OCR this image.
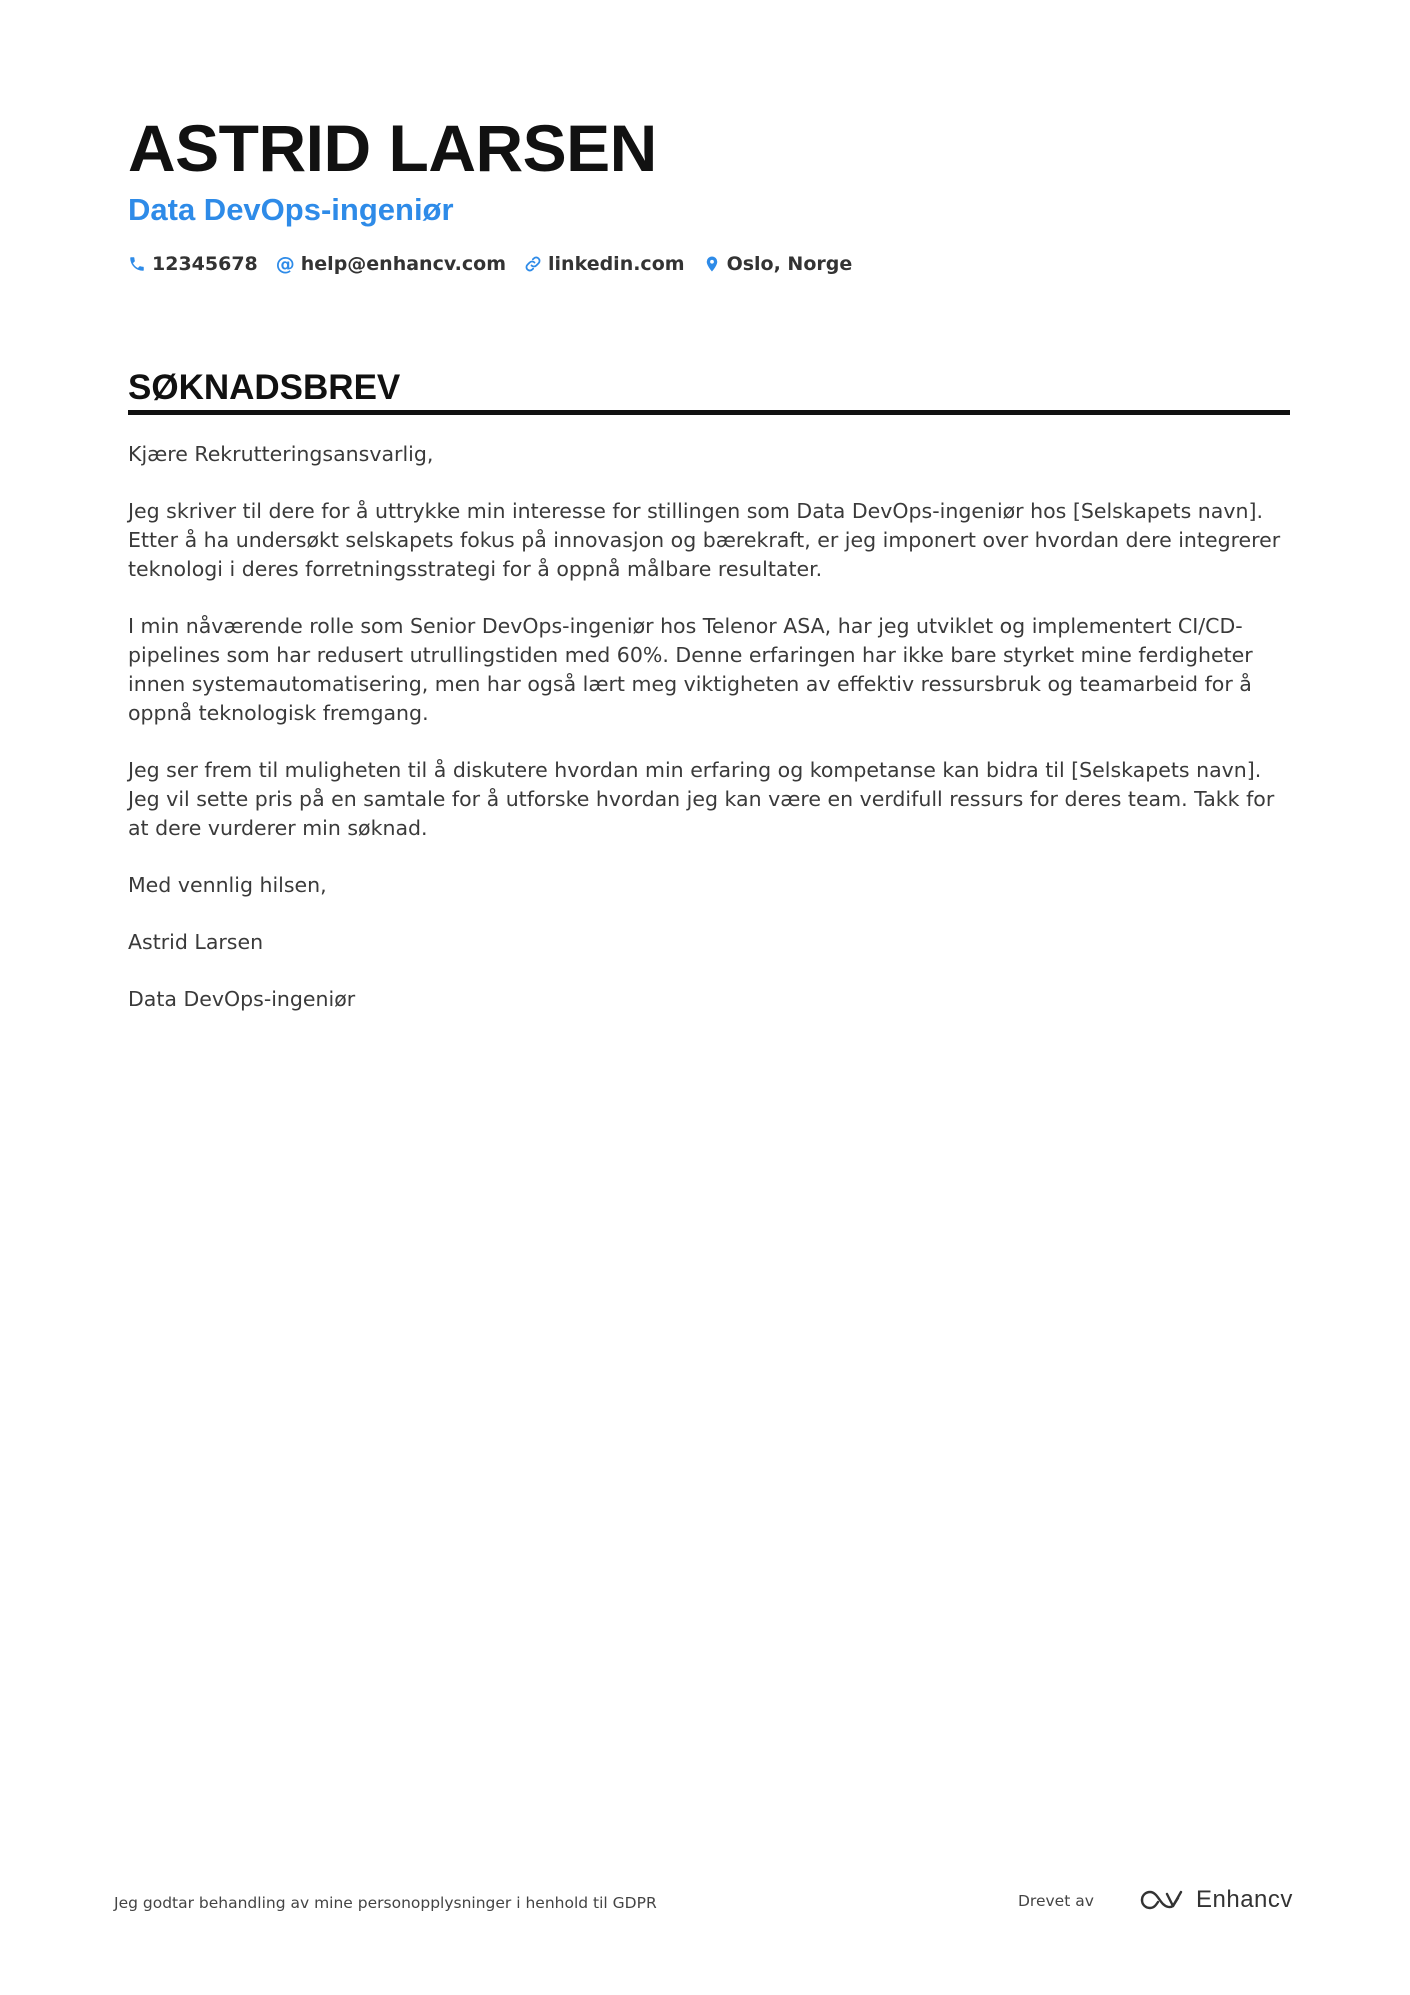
ASTRID LARSEN
Data DevOps-ingeniør
12345678 @ help@enhancv.com linkedin.com Oslo, Norge
SØKNADSBREV

Kjære Rekrutteringsansvarlig,

Jeg skriver til dere for å uttrykke min interesse for stillingen som Data DevOps-ingeniør hos [Selskapets navn]. Etter å ha undersøkt selskapets fokus på innovasjon og bærekraft, er jeg imponert over hvordan dere integrerer teknologi i deres forretningsstrategi for å oppnå målbare resultater.

I min nåværende rolle som Senior DevOps-ingeniør hos Telenor ASA, har jeg utviklet og implementert CI/CD-pipelines som har redusert utrullingstiden med 60%. Denne erfaringen har ikke bare styrket mine ferdigheter innen systemautomatisering, men har også lært meg viktigheten av effektiv ressursbruk og teamarbeid for å oppnå teknologisk fremgang.

Jeg ser frem til muligheten til å diskutere hvordan min erfaring og kompetanse kan bidra til [Selskapets navn]. Jeg vil sette pris på en samtale for å utforske hvordan jeg kan være en verdifull ressurs for deres team. Takk for at dere vurderer min søknad.

Med vennlig hilsen,

Astrid Larsen

Data DevOps-ingeniør

Jeg godtar behandling av mine personopplysninger i henhold til GDPR	Drevet av	Enhancv
